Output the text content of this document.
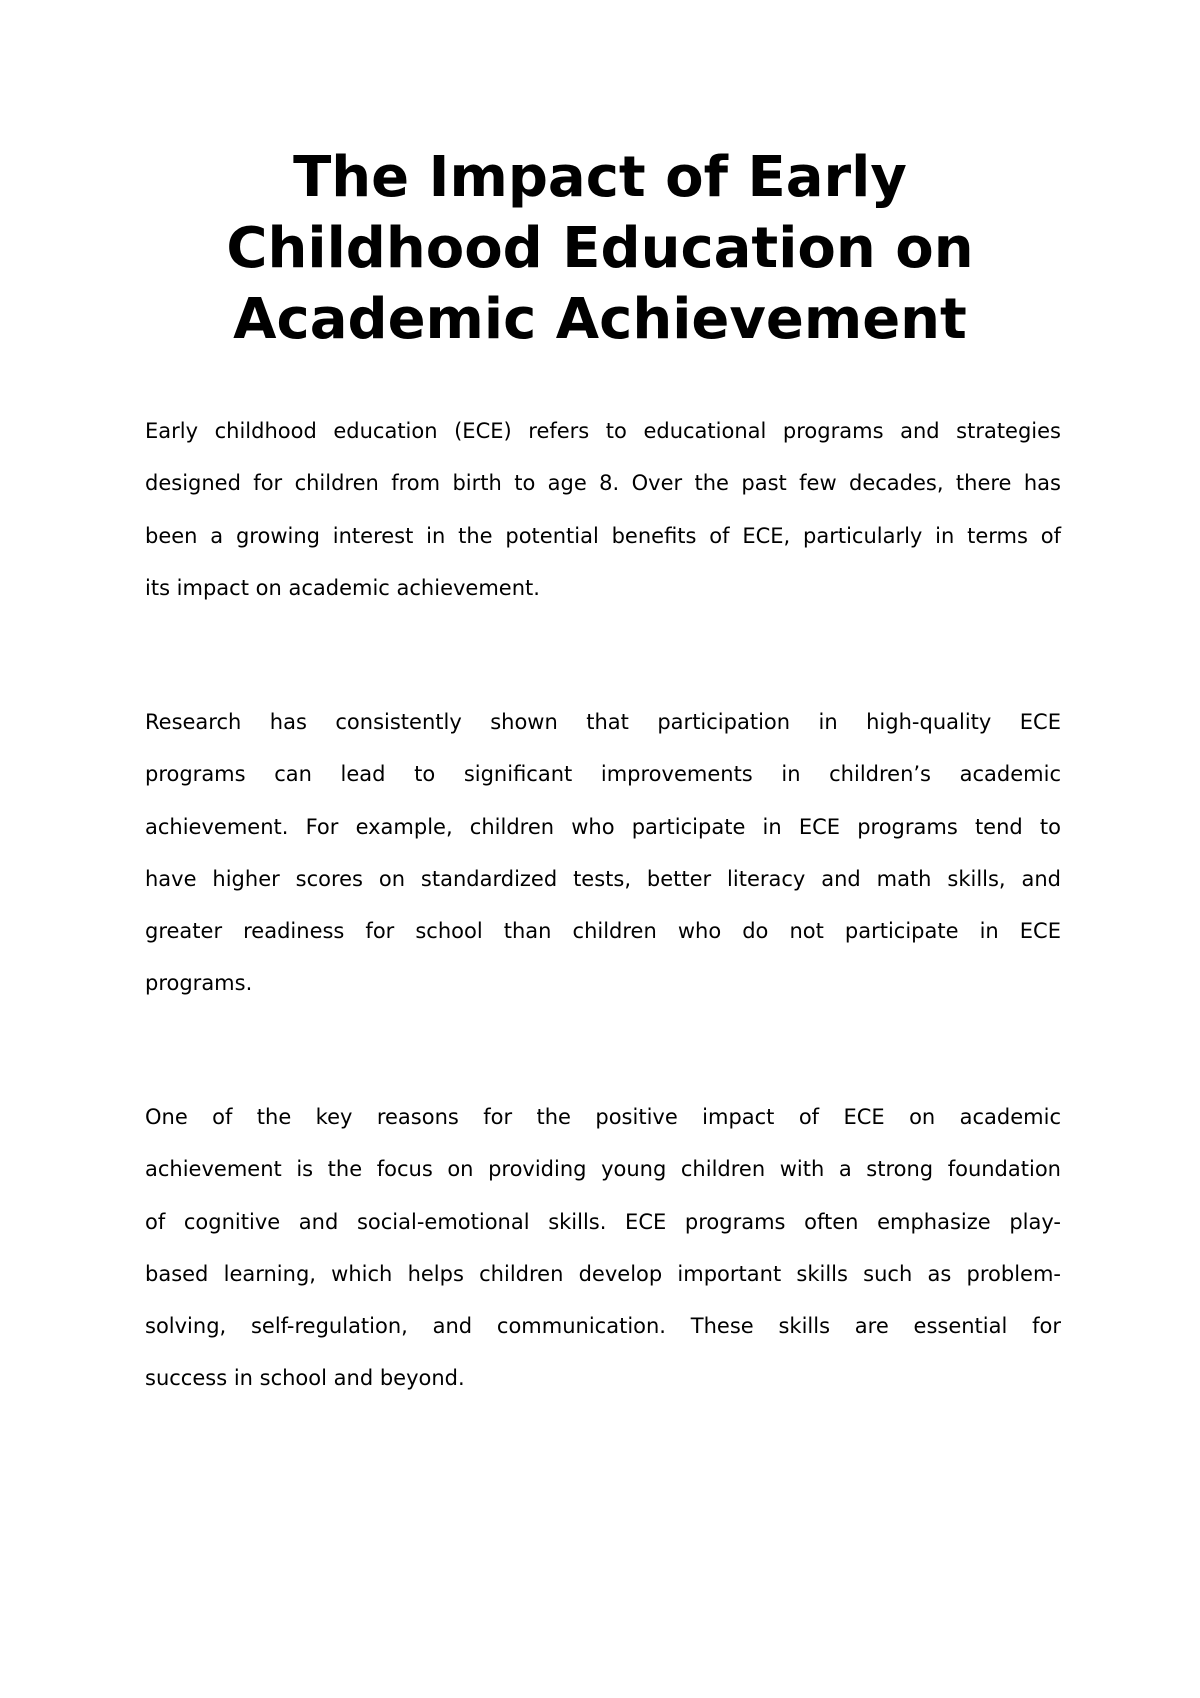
The Impact of Early
Childhood Education on
Academic Achievement

Early childhood education (ECE) refers to educational programs and strategies
designed for children from birth to age 8. Over the past few decades, there has
been a growing interest in the potential benefits of ECE, particularly in terms of
its impact on academic achievement.

Research has consistently shown that participation in high-quality ECE
programs can lead to significant improvements in children’s academic
achievement. For example, children who participate in ECE programs tend to
have higher scores on standardized tests, better literacy and math skills, and
greater readiness for school than children who do not participate in ECE
programs.

One of the key reasons for the positive impact of ECE on academic
achievement is the focus on providing young children with a strong foundation
of cognitive and social-emotional skills. ECE programs often emphasize play-
based learning, which helps children develop important skills such as problem-
solving, self-regulation, and communication. These skills are essential for
success in school and beyond.
